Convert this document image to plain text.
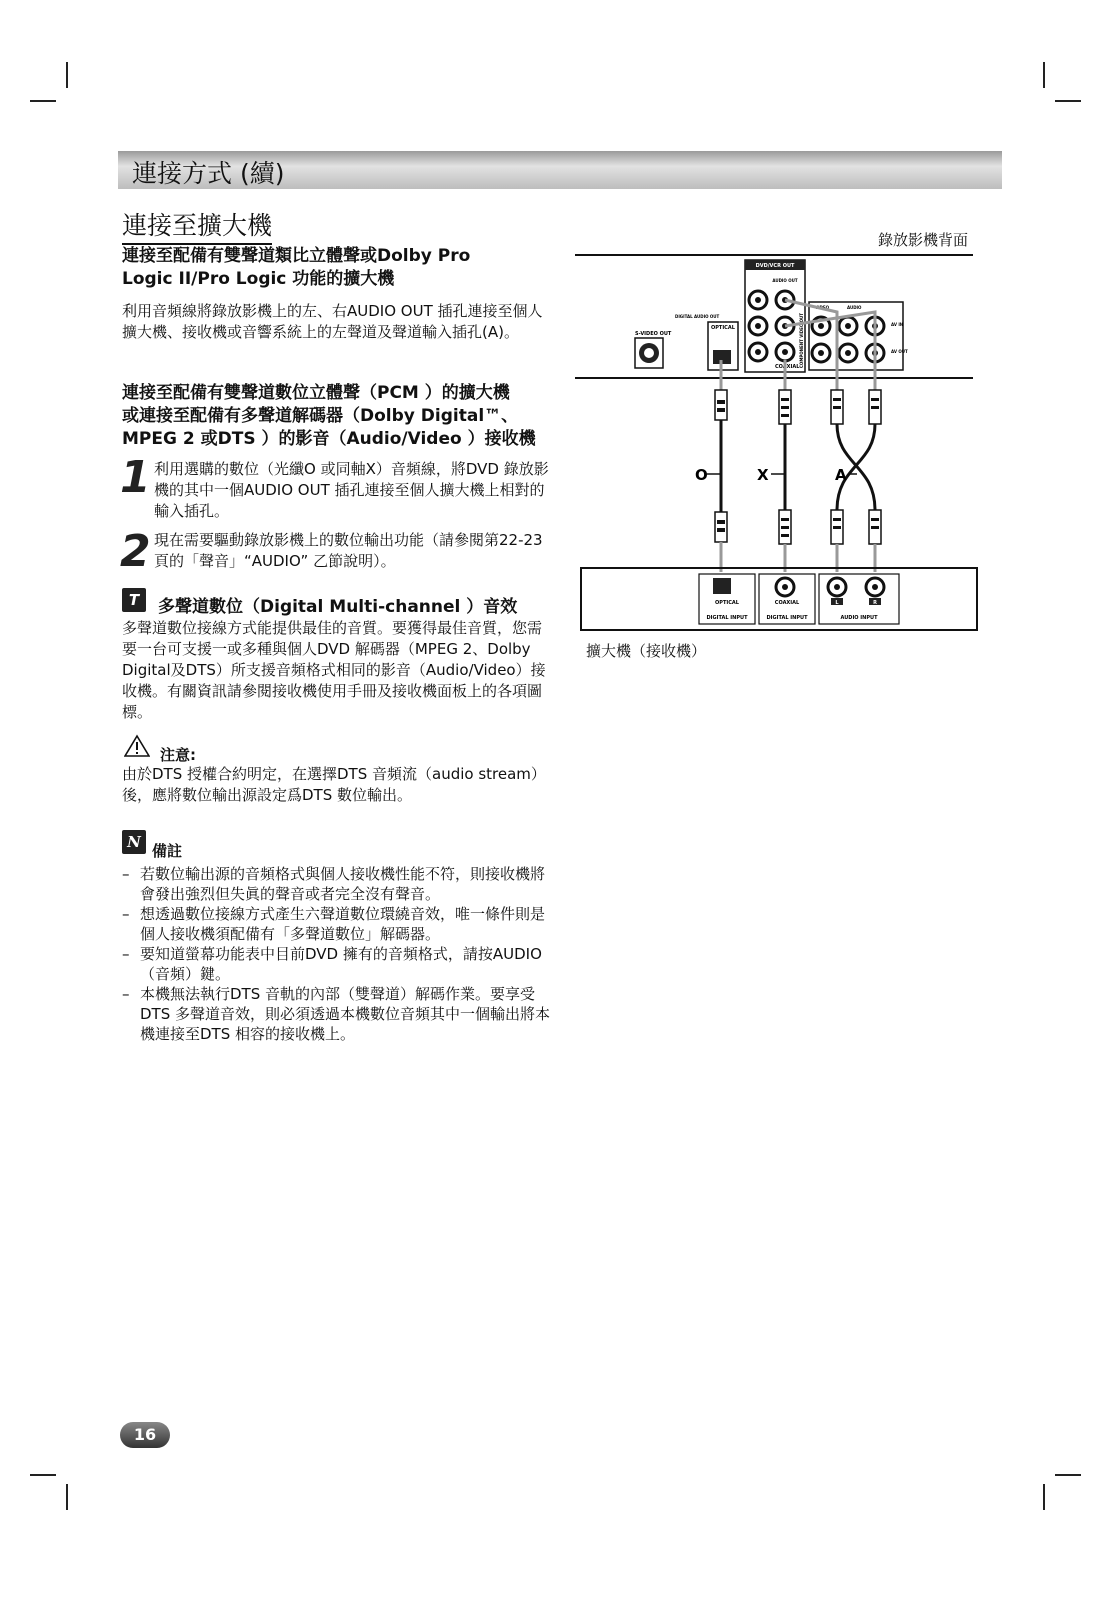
連接方式 (續)
連接至擴大機
連接至配備有雙聲道類比立體聲或Dolby Pro
Logic II/Pro Logic 功能的擴大機
利用音頻線將錄放影機上的左、右AUDIO OUT 插孔連接至個人擴大機、接收機或音響系統上的左聲道及聲道輸入插孔(A)。
連接至配備有雙聲道數位立體聲（PCM ）的擴大機
或連接至配備有多聲道解碼器（Dolby Digital™、
MPEG 2 或DTS ）的影音（Audio/Video ）接收機
1 利用選購的數位（光纖O 或同軸X）音頻線，將DVD 錄放影機的其中一個AUDIO OUT 插孔連接至個人擴大機上相對的輸入插孔。
2 現在需要驅動錄放影機上的數位輸出功能（請參閱第22-23 頁的「聲音」“AUDIO” 乙節說明）。
T	多聲道數位（Digital Multi-channel ）音效
多聲道數位接線方式能提供最佳的音質。要獲得最佳音質，您需要一台可支援一或多種與個人DVD 解碼器（MPEG 2、Dolby Digital及DTS）所支援音頻格式相同的影音（Audio/Video）接收機。有關資訊請參閱接收機使用手冊及接收機面板上的各項圖標。
注意:
由於DTS 授權合約明定，在選擇DTS 音頻流（audio stream）後，應將數位輸出源設定爲DTS 數位輸出。
N 備註
– 若數位輸出源的音頻格式與個人接收機性能不符，則接收機將會發出強烈但失眞的聲音或者完全沒有聲音。
– 想透過數位接線方式產生六聲道數位環繞音效，唯一條件則是個人接收機須配備有「多聲道數位」解碼器。
– 要知道螢幕功能表中目前DVD 擁有的音頻格式，請按AUDIO（音頻）鍵。
– 本機無法執行DTS 音軌的內部（雙聲道）解碼作業。要享受DTS 多聲道音效，則必須透過本機數位音頻其中一個輸出將本機連接至DTS 相容的接收機上。
錄放影機背面
擴大機（接收機）
S-VIDEO OUT
DIGITAL AUDIO OUT
OPTICAL
DVD/VCR OUT
AUDIO OUT
COAXIAL COMPONENT VIDEO OUT
VIDEO	AUDIO
AV IN
AV OUT
O	X	A
OPTICAL
DIGITAL INPUT
COAXIAL
DIGITAL INPUT
L	R
AUDIO INPUT
16
